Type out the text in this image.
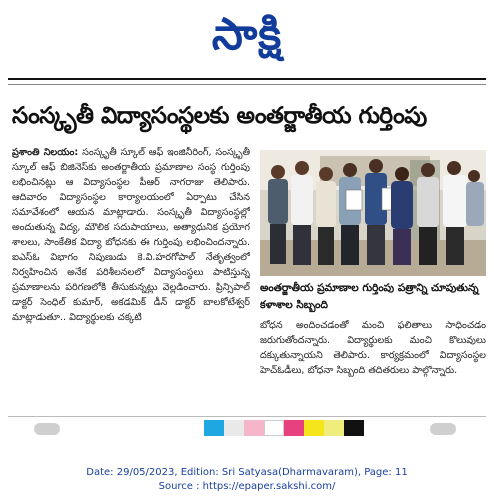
సాక్షి
సంస్కృతీ విద్యాసంస్థలకు అంతర్జాతీయ గుర్తింపు

ప్రశాంతి నిలయం: సంస్కృతీ స్కూల్ ఆఫ్ ఇంజినీరింగ్, సంస్కృతీ స్కూల్ ఆఫ్ బిజినెస్‌కు అంతర్జాతీయ ప్రమాణాల సంస్థ గుర్తింపు లభించినట్లు ఆ విద్యాసంస్థల పీఆర్ నాగరాజు తెలిపారు. ఆదివారం విద్యాసంస్థల కార్యాలయంలో ఏర్పాటు చేసిన సమావేశంలో ఆయన మాట్లాడారు. సంస్కృతీ విద్యాసంస్థల్లో అందుతున్న విద్య, మౌలిక సదుపాయాలు, అత్యాధునిక ప్రయోగ శాలలు, సాంకేతిక విద్యా బోధనకు ఈ గుర్తింపు లభించిందన్నారు. ఐఎస్ఓ విభాగం నిపుణుడు కె.వి.హరగోపాల్ నేతృత్వంలో నిర్వహించిన అనేక పరిశీలనలలో విద్యాసంస్థలు పాటిస్తున్న ప్రమాణాలను పరిగణలోకి తీసుకున్నట్లు వెల్లడించారు. ప్రిన్సిపాల్ డాక్టర్ సెంధిల్ కుమార్, అకడమిక్ డీన్ డాక్టర్ బాలకోటేశ్వర్ మాట్లాడుతూ.. విద్యార్థులకు చక్కటి

అంతర్జాతీయ ప్రమాణాల గుర్తింపు పత్రాన్ని చూపుతున్న కళాశాల సిబ్బంది
బోధన అందించడంతో మంచి ఫలితాలు సాధించడం జరుగుతోందన్నారు. విద్యార్థులకు మంచి కొలువులు దక్కుతున్నాయని తెలిపారు. కార్యక్రమంలో విద్యాసంస్థల హెచ్ఓడీలు, బోధనా సిబ్బంది తదితరులు పాల్గొన్నారు.
Date: 29/05/2023, Edition: Sri Satyasa(Dharmavaram), Page: 11
Source : https://epaper.sakshi.com/
